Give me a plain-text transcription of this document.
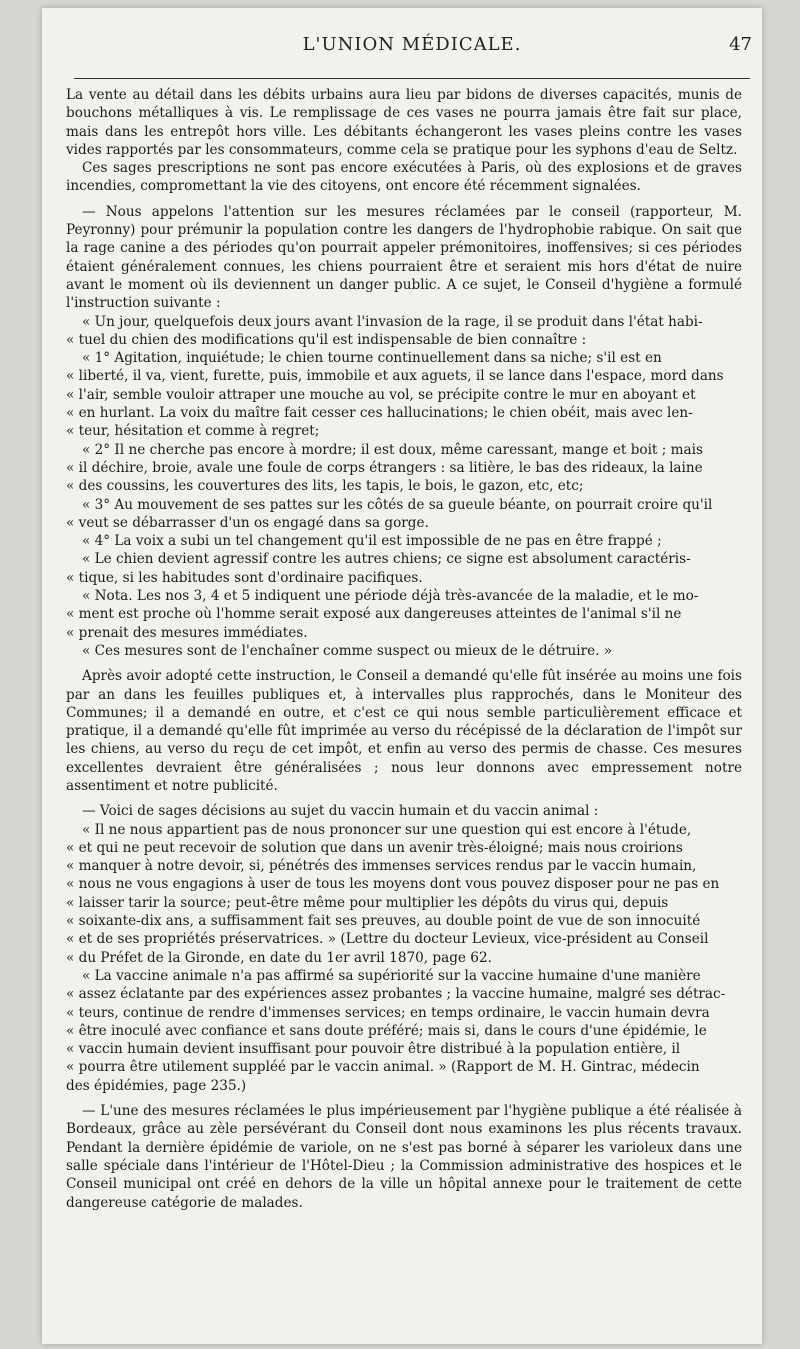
L'UNION MÉDICALE.	47

La vente au détail dans les débits urbains aura lieu par bidons de diverses capacités, munis de bouchons métalliques à vis. Le remplissage de ces vases ne pourra jamais être fait sur place, mais dans les entrepôt hors ville. Les débitants échangeront les vases pleins contre les vases vides rapportés par les consommateurs, comme cela se pratique pour les syphons d'eau de Seltz.

Ces sages prescriptions ne sont pas encore exécutées à Paris, où des explosions et de graves incendies, compromettant la vie des citoyens, ont encore été récemment signalées.

— Nous appelons l'attention sur les mesures réclamées par le conseil (rapporteur, M. Peyronny) pour prémunir la population contre les dangers de l'hydrophobie rabique. On sait que la rage canine a des périodes qu'on pourrait appeler prémonitoires, inoffensives; si ces périodes étaient généralement connues, les chiens pourraient être et seraient mis hors d'état de nuire avant le moment où ils deviennent un danger public. A ce sujet, le Conseil d'hygiène a formulé l'instruction suivante :

« Un jour, quelquefois deux jours avant l'invasion de la rage, il se produit dans l'état habi-

« tuel du chien des modifications qu'il est indispensable de bien connaître :

« 1° Agitation, inquiétude; le chien tourne continuellement dans sa niche; s'il est en

« liberté, il va, vient, furette, puis, immobile et aux aguets, il se lance dans l'espace, mord dans

« l'air, semble vouloir attraper une mouche au vol, se précipite contre le mur en aboyant et

« en hurlant. La voix du maître fait cesser ces hallucinations; le chien obéit, mais avec len-

« teur, hésitation et comme à regret;

« 2° Il ne cherche pas encore à mordre; il est doux, même caressant, mange et boit ; mais

« il déchire, broie, avale une foule de corps étrangers : sa litière, le bas des rideaux, la laine

« des coussins, les couvertures des lits, les tapis, le bois, le gazon, etc, etc;

« 3° Au mouvement de ses pattes sur les côtés de sa gueule béante, on pourrait croire qu'il

« veut se débarrasser d'un os engagé dans sa gorge.

« 4° La voix a subi un tel changement qu'il est impossible de ne pas en être frappé ;

« Le chien devient agressif contre les autres chiens; ce signe est absolument caractéris-

« tique, si les habitudes sont d'ordinaire pacifiques.

« Nota. Les nos 3, 4 et 5 indiquent une période déjà très-avancée de la maladie, et le mo-

« ment est proche où l'homme serait exposé aux dangereuses atteintes de l'animal s'il ne

« prenait des mesures immédiates.

« Ces mesures sont de l'enchaîner comme suspect ou mieux de le détruire. »

Après avoir adopté cette instruction, le Conseil a demandé qu'elle fût insérée au moins une fois par an dans les feuilles publiques et, à intervalles plus rapprochés, dans le Moniteur des Communes; il a demandé en outre, et c'est ce qui nous semble particulièrement efficace et pratique, il a demandé qu'elle fût imprimée au verso du récépissé de la déclaration de l'impôt sur les chiens, au verso du reçu de cet impôt, et enfin au verso des permis de chasse. Ces mesures excellentes devraient être généralisées ; nous leur donnons avec empressement notre assentiment et notre publicité.

— Voici de sages décisions au sujet du vaccin humain et du vaccin animal :

« Il ne nous appartient pas de nous prononcer sur une question qui est encore à l'étude,

« et qui ne peut recevoir de solution que dans un avenir très-éloigné; mais nous croirions

« manquer à notre devoir, si, pénétrés des immenses services rendus par le vaccin humain,

« nous ne vous engagions à user de tous les moyens dont vous pouvez disposer pour ne pas en

« laisser tarir la source; peut-être même pour multiplier les dépôts du virus qui, depuis

« soixante-dix ans, a suffisamment fait ses preuves, au double point de vue de son innocuité

« et de ses propriétés préservatrices. » (Lettre du docteur Levieux, vice-président au Conseil

« du Préfet de la Gironde, en date du 1er avril 1870, page 62.

« La vaccine animale n'a pas affirmé sa supériorité sur la vaccine humaine d'une manière

« assez éclatante par des expériences assez probantes ; la vaccine humaine, malgré ses détrac-

« teurs, continue de rendre d'immenses services; en temps ordinaire, le vaccin humain devra

« être inoculé avec confiance et sans doute préféré; mais si, dans le cours d'une épidémie, le

« vaccin humain devient insuffisant pour pouvoir être distribué à la population entière, il

« pourra être utilement suppléé par le vaccin animal. » (Rapport de M. H. Gintrac, médecin

des épidémies, page 235.)

— L'une des mesures réclamées le plus impérieusement par l'hygiène publique a été réalisée à Bordeaux, grâce au zèle persévérant du Conseil dont nous examinons les plus récents travaux. Pendant la dernière épidémie de variole, on ne s'est pas borné à séparer les varioleux dans une salle spéciale dans l'intérieur de l'Hôtel-Dieu ; la Commission administrative des hospices et le Conseil municipal ont créé en dehors de la ville un hôpital annexe pour le traitement de cette dangereuse catégorie de malades.
